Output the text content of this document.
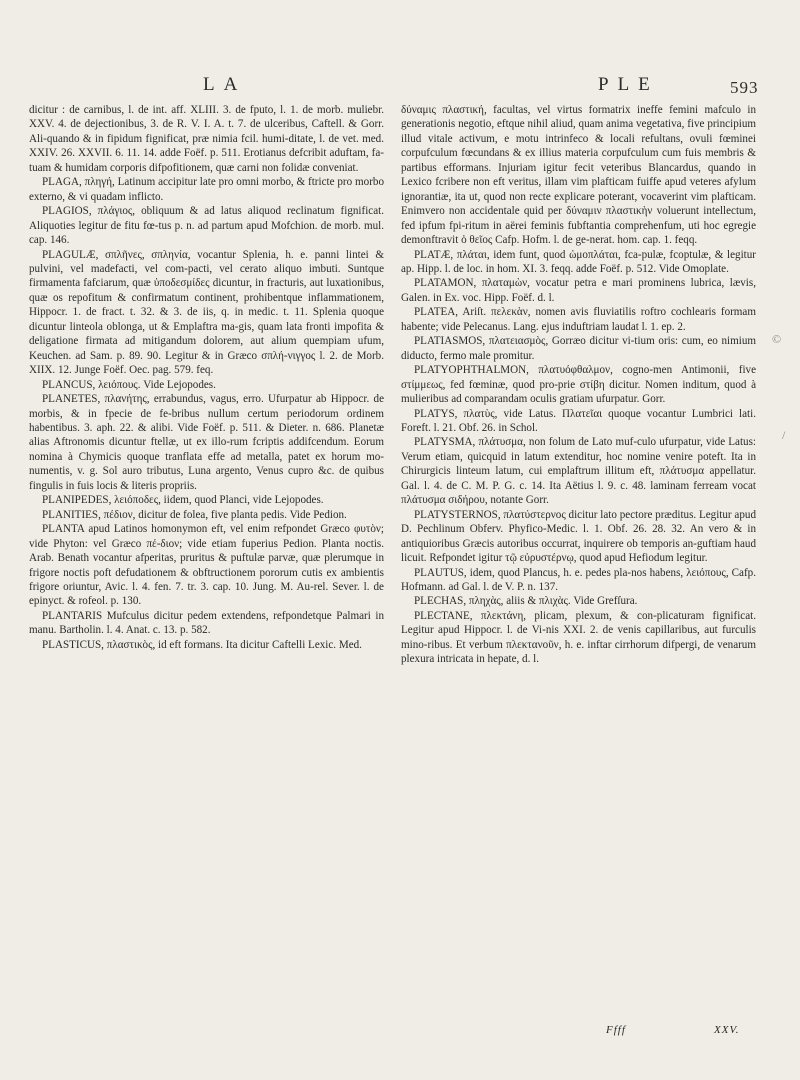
LA	PLE	593

dicitur : de carnibus, l. de int. aff. XLIII. 3. de fputo, l. 1. de morb. muliebr. XXV. 4. de dejectionibus, 3. de R. V. I. A. t. 7. de ulceribus, Caftell. & Gorr. Ali-quando & in fipidum fignificat, præ nimia fcil. humi-ditate, l. de vet. med. XXIV. 26. XXVII. 6. 11. 14. adde Foëf. p. 511. Erotianus defcribit aduftam, fa-tuam & humidam corporis difpofitionem, quæ carni non folidæ conveniat.

PLAGA, πληγή, Latinum accipitur late pro omni morbo, & ftricte pro morbo externo, & vi quadam inflicto.

PLAGIOS, πλάγιος, obliquum & ad latus aliquod reclinatum fignificat. Aliquoties legitur de fitu fœ-tus p. n. ad partum apud Mofchion. de morb. mul. cap. 146.

PLAGULÆ, σπλῆνες, σπληνία, vocantur Splenia, h. e. panni lintei & pulvini, vel madefacti, vel com-pacti, vel cerato aliquo imbuti. Suntque firmamenta fafciarum, quæ ὑποδεσμίδες dicuntur, in fracturis, aut luxationibus, quæ os repofitum & confirmatum continent, prohibentque inflammationem, Hippocr. 1. de fract. t. 32. & 3. de iis, q. in medic. t. 11. Splenia quoque dicuntur linteola oblonga, ut & Emplaftra ma-gis, quam lata fronti impofita & deligatione firmata ad mitigandum dolorem, aut alium quempiam ufum, Keuchen. ad Sam. p. 89. 90. Legitur & in Græco σπλή-νιγγος l. 2. de Morb. XIIX. 12. Junge Foëf. Oec. pag. 579. feq.

PLANCUS, λειόπους. Vide Lejopodes.

PLANETES, πλανήτης, errabundus, vagus, erro. Ufurpatur ab Hippocr. de morbis, & in fpecie de fe-bribus nullum certum periodorum ordinem habentibus. 3. aph. 22. & alibi. Vide Foëf. p. 511. & Dieter. n. 686. Planetæ alias Aftronomis dicuntur ftellæ, ut ex illo-rum fcriptis addifcendum. Eorum nomina à Chymicis quoque tranflata effe ad metalla, patet ex horum mo-numentis, v. g. Sol auro tributus, Luna argento, Venus cupro &c. de quibus fingulis in fuis locis & literis propriis.

PLANIPEDES, λειόποδες, iidem, quod Planci, vide Lejopodes.

PLANITIES, πέδιον, dicitur de folea, five planta pedis. Vide Pedion.

PLANTA apud Latinos homonymon eft, vel enim refpondet Græco φυτὸν; vide Phyton: vel Græco πέ-διον; vide etiam fuperius Pedion. Planta noctis. Arab. Benath vocantur afperitas, pruritus & puftulæ parvæ, quæ plerumque in frigore noctis poft defudationem & obftructionem pororum cutis ex ambientis frigore oriuntur, Avic. l. 4. fen. 7. tr. 3. cap. 10. Jung. M. Au-rel. Sever. l. de epinyct. & rofeol. p. 130.

PLANTARIS Mufculus dicitur pedem extendens, refpondetque Palmari in manu. Bartholin. l. 4. Anat. c. 13. p. 582.

PLASTICUS, πλαστικὸς, id eft formans. Ita dicitur Caftelli Lexic. Med.

δύναμις πλαστική, facultas, vel virtus formatrix ineffe femini mafculo in generationis negotio, eftque nihil aliud, quam anima vegetativa, five principium illud vitale activum, e motu intrinfeco & locali refultans, ovuli fœminei corpufculum fœcundans & ex illius materia corpufculum cum fuis membris & partibus efformans. Injuriam igitur fecit veteribus Blancardus, quando in Lexico fcribere non eft veritus, illam vim plafticam fuiffe apud veteres afylum ignorantiæ, ita ut, quod non recte explicare poterant, vocaverint vim plafticam. Enimvero non accidentale quid per δύναμιν πλαστικὴν voluerunt intellectum, fed ipfum fpi-ritum in aërei feminis fubftantia comprehenfum, uti hoc egregie demonftravit ὁ θεῖος Cafp. Hofm. l. de ge-nerat. hom. cap. 1. feqq.

PLATÆ, πλάται, idem funt, quod ὠμοπλάται, fca-pulæ, fcoptulæ, & legitur ap. Hipp. l. de loc. in hom. XI. 3. feqq. adde Foëf. p. 512. Vide Omoplate.

PLATAMON, πλαταμὼν, vocatur petra e mari prominens lubrica, lævis, Galen. in Ex. voc. Hipp. Foëf. d. l.

PLATEA, Ariſt. πελεκὰν, nomen avis fluviatilis roftro cochlearis formam habente; vide Pelecanus. Lang. ejus induftriam laudat l. 1. ep. 2.

PLATIASMOS, πλατειασμὸς, Gorræo dicitur vi-tium oris: cum, eo nimium diducto, fermo male promitur.

PLATYOPHTHALMON, πλατυόφθαλμον, cogno-men Antimonii, five στίμμεως, fed fœminæ, quod pro-prie στίβη dicitur. Nomen inditum, quod à mulieribus ad comparandam oculis gratiam ufurpatur. Gorr.

PLATYS, πλατὺς, vide Latus. Πλατεῖαι quoque vocantur Lumbrici lati. Foreft. l. 21. Obf. 26. in Schol.

PLATYSMA, πλάτυσμα, non folum de Lato muf-culo ufurpatur, vide Latus: Verum etiam, quicquid in latum extenditur, hoc nomine venire poteft. Ita in Chirurgicis linteum latum, cui emplaftrum illitum eft, πλάτυσμα appellatur. Gal. l. 4. de C. M. P. G. c. 14. Ita Aëtius l. 9. c. 48. laminam ferream vocat πλάτυσμα σιδήρου, notante Gorr.

PLATYSTERNOS, πλατύστερνος dicitur lato pectore præditus. Legitur apud D. Pechlinum Obferv. Phyfico-Medic. l. 1. Obf. 26. 28. 32. An vero & in antiquioribus Græcis autoribus occurrat, inquirere ob temporis an-guftiam haud licuit. Refpondet igitur τῷ εὐρυστέρνῳ, quod apud Hefiodum legitur.

PLAUTUS, idem, quod Plancus, h. e. pedes pla-nos habens, λειόπους, Cafp. Hofmann. ad Gal. l. de V. P. n. 137.

PLECHAS, πληχὰς, aliis & πλιχὰς. Vide Grefſura.

PLECTANE, πλεκτάνη, plicam, plexum, & con-plicaturam fignificat. Legitur apud Hippocr. l. de Vi-nis XXI. 2. de venis capillaribus, aut furculis mino-ribus. Et verbum πλεκτανοῦν, h. e. inftar cirrhorum difpergi, de venarum plexura intricata in hepate, d. l.

Ffff	XXV.
©
/
